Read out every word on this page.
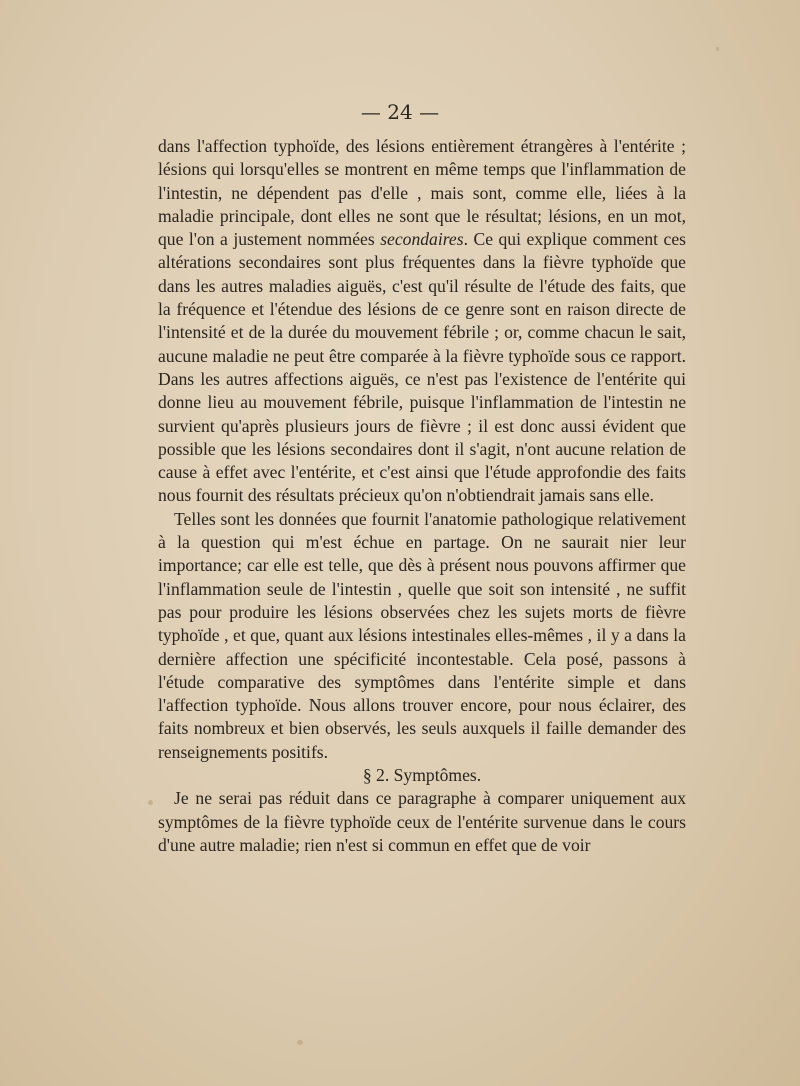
— 24 —

dans l'affection typhoïde, des lésions entièrement étrangères à l'entérite ; lésions qui lorsqu'elles se montrent en même temps que l'inflammation de l'intestin, ne dépendent pas d'elle , mais sont, comme elle, liées à la maladie principale, dont elles ne sont que le résultat; lésions, en un mot, que l'on a justement nommées secondaires. Ce qui explique comment ces altérations secondaires sont plus fréquentes dans la fièvre typhoïde que dans les autres maladies aiguës, c'est qu'il résulte de l'étude des faits, que la fréquence et l'étendue des lésions de ce genre sont en raison directe de l'intensité et de la durée du mouvement fébrile ; or, comme chacun le sait, aucune maladie ne peut être comparée à la fièvre typhoïde sous ce rapport. Dans les autres affections aiguës, ce n'est pas l'existence de l'entérite qui donne lieu au mouvement fébrile, puisque l'inflammation de l'intestin ne survient qu'après plusieurs jours de fièvre ; il est donc aussi évident que possible que les lésions secondaires dont il s'agit, n'ont aucune relation de cause à effet avec l'entérite, et c'est ainsi que l'étude approfondie des faits nous fournit des résultats précieux qu'on n'obtiendrait jamais sans elle.

Telles sont les données que fournit l'anatomie pathologique relativement à la question qui m'est échue en partage. On ne saurait nier leur importance; car elle est telle, que dès à présent nous pouvons affirmer que l'inflammation seule de l'intestin , quelle que soit son intensité , ne suffit pas pour produire les lésions observées chez les sujets morts de fièvre typhoïde , et que, quant aux lésions intestinales elles-mêmes , il y a dans la dernière affection une spécificité incontestable. Cela posé, passons à l'étude comparative des symptômes dans l'entérite simple et dans l'affection typhoïde. Nous allons trouver encore, pour nous éclairer, des faits nombreux et bien observés, les seuls auxquels il faille demander des renseignements positifs.

§ 2. Symptômes.

Je ne serai pas réduit dans ce paragraphe à comparer uniquement aux symptômes de la fièvre typhoïde ceux de l'entérite survenue dans le cours d'une autre maladie; rien n'est si commun en effet que de voir
